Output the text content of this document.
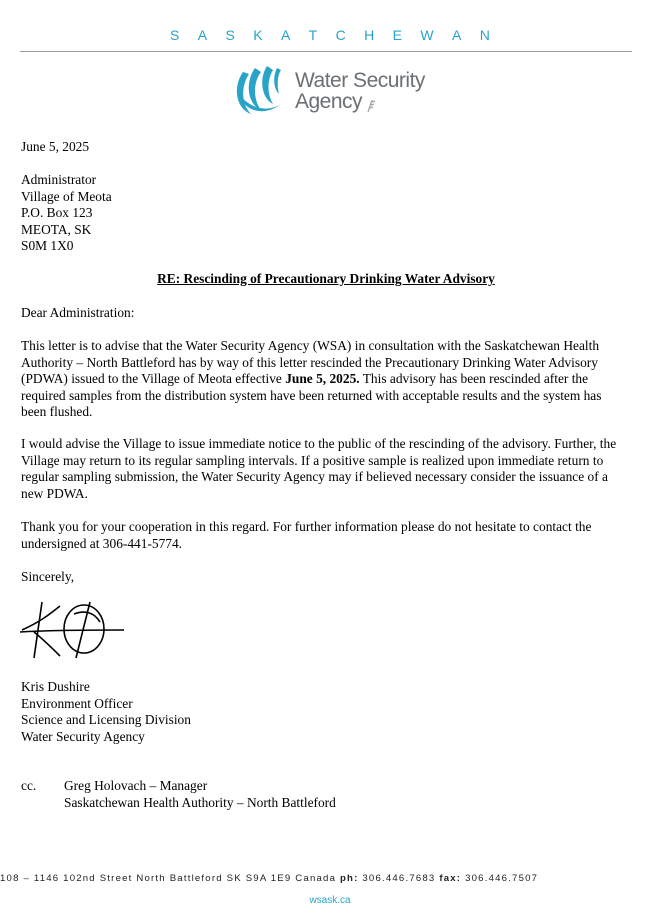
S A S K A T C H E W A N
Water Security
Agency
June 5, 2025

Administrator

Village of Meota

P.O. Box 123

MEOTA, SK

S0M 1X0

RE: Rescinding of Precautionary Drinking Water Advisory
Dear Administration:
This letter is to advise that the Water Security Agency (WSA) in consultation with the Saskatchewan Health Authority – North Battleford has by way of this letter rescinded the Precautionary Drinking Water Advisory (PDWA) issued to the Village of Meota effective June 5, 2025. This advisory has been rescinded after the required samples from the distribution system have been returned with acceptable results and the system has been flushed.
I would advise the Village to issue immediate notice to the public of the rescinding of the advisory. Further, the Village may return to its regular sampling intervals. If a positive sample is realized upon immediate return to regular sampling submission, the Water Security Agency may if believed necessary consider the issuance of a new PDWA.
Thank you for your cooperation in this regard. For further information please do not hesitate to contact the undersigned at 306-441-5774.
Sincerely,

Kris Dushire

Environment Officer

Science and Licensing Division

Water Security Agency

cc.	Greg Holovach – Manager
Saskatchewan Health Authority – North Battleford
108 – 1146 102nd Street North Battleford SK S9A 1E9 Canada ph: 306.446.7683 fax: 306.446.7507
wsask.ca
